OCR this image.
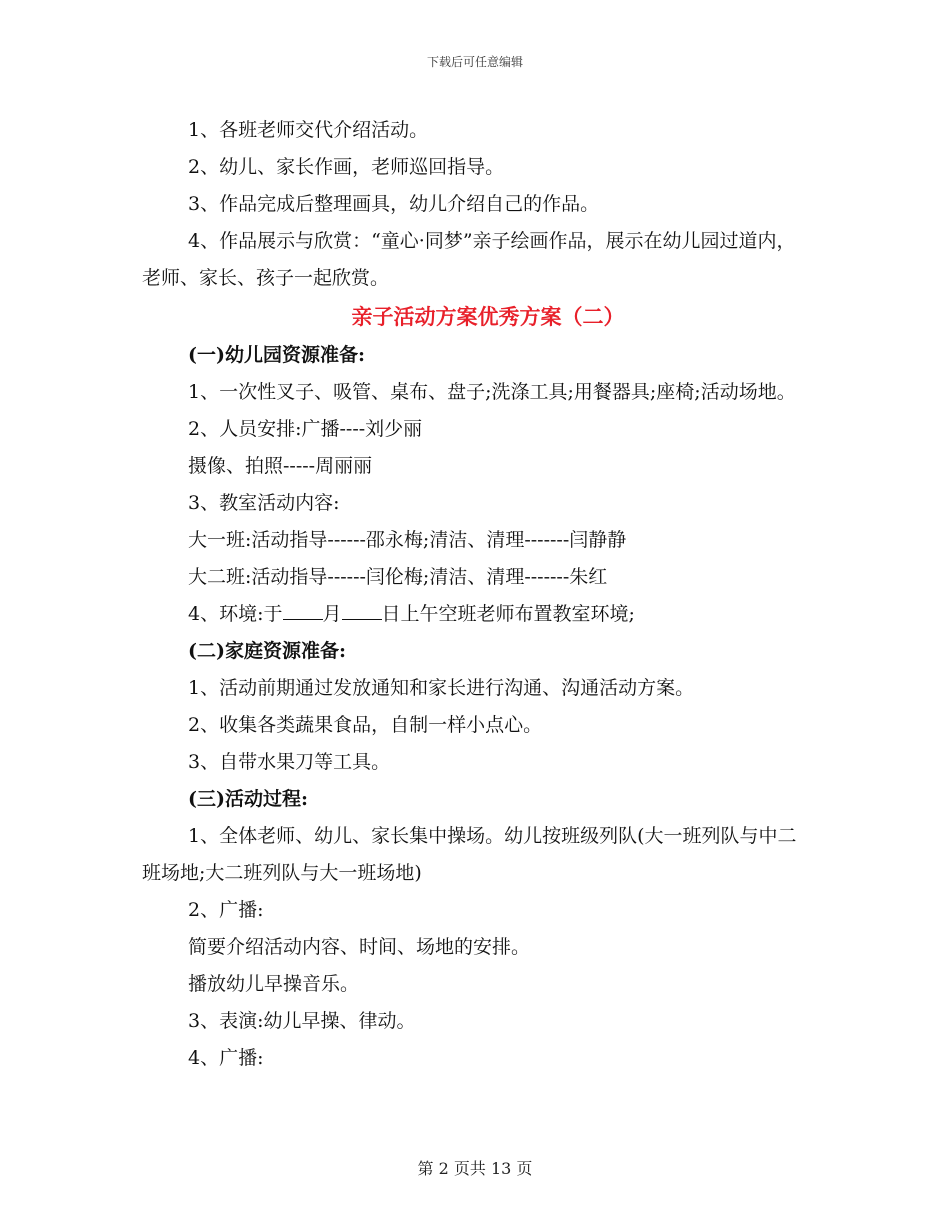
下载后可任意编辑

1、各班老师交代介绍活动。

2、幼儿、家长作画，老师巡回指导。

3、作品完成后整理画具，幼儿介绍自己的作品。

4、作品展示与欣赏：“童心·同梦”亲子绘画作品，展示在幼儿园过道内，老师、家长、孩子一起欣赏。

亲子活动方案优秀方案（二）

(一)幼儿园资源准备:

1、一次性叉子、吸管、桌布、盘子;洗涤工具;用餐器具;座椅;活动场地。

2、人员安排:广播----刘少丽

摄像、拍照-----周丽丽

3、教室活动内容:

大一班:活动指导------邵永梅;清洁、清理-------闫静静

大二班:活动指导------闫伦梅;清洁、清理-------朱红

4、环境:于 月 日上午空班老师布置教室环境;

(二)家庭资源准备:

1、活动前期通过发放通知和家长进行沟通、沟通活动方案。

2、收集各类蔬果食品，自制一样小点心。

3、自带水果刀等工具。

(三)活动过程:

1、全体老师、幼儿、家长集中操场。幼儿按班级列队(大一班列队与中二班场地;大二班列队与大一班场地)

2、广播:

简要介绍活动内容、时间、场地的安排。

播放幼儿早操音乐。

3、表演:幼儿早操、律动。

4、广播:

第 2 页共 13 页
